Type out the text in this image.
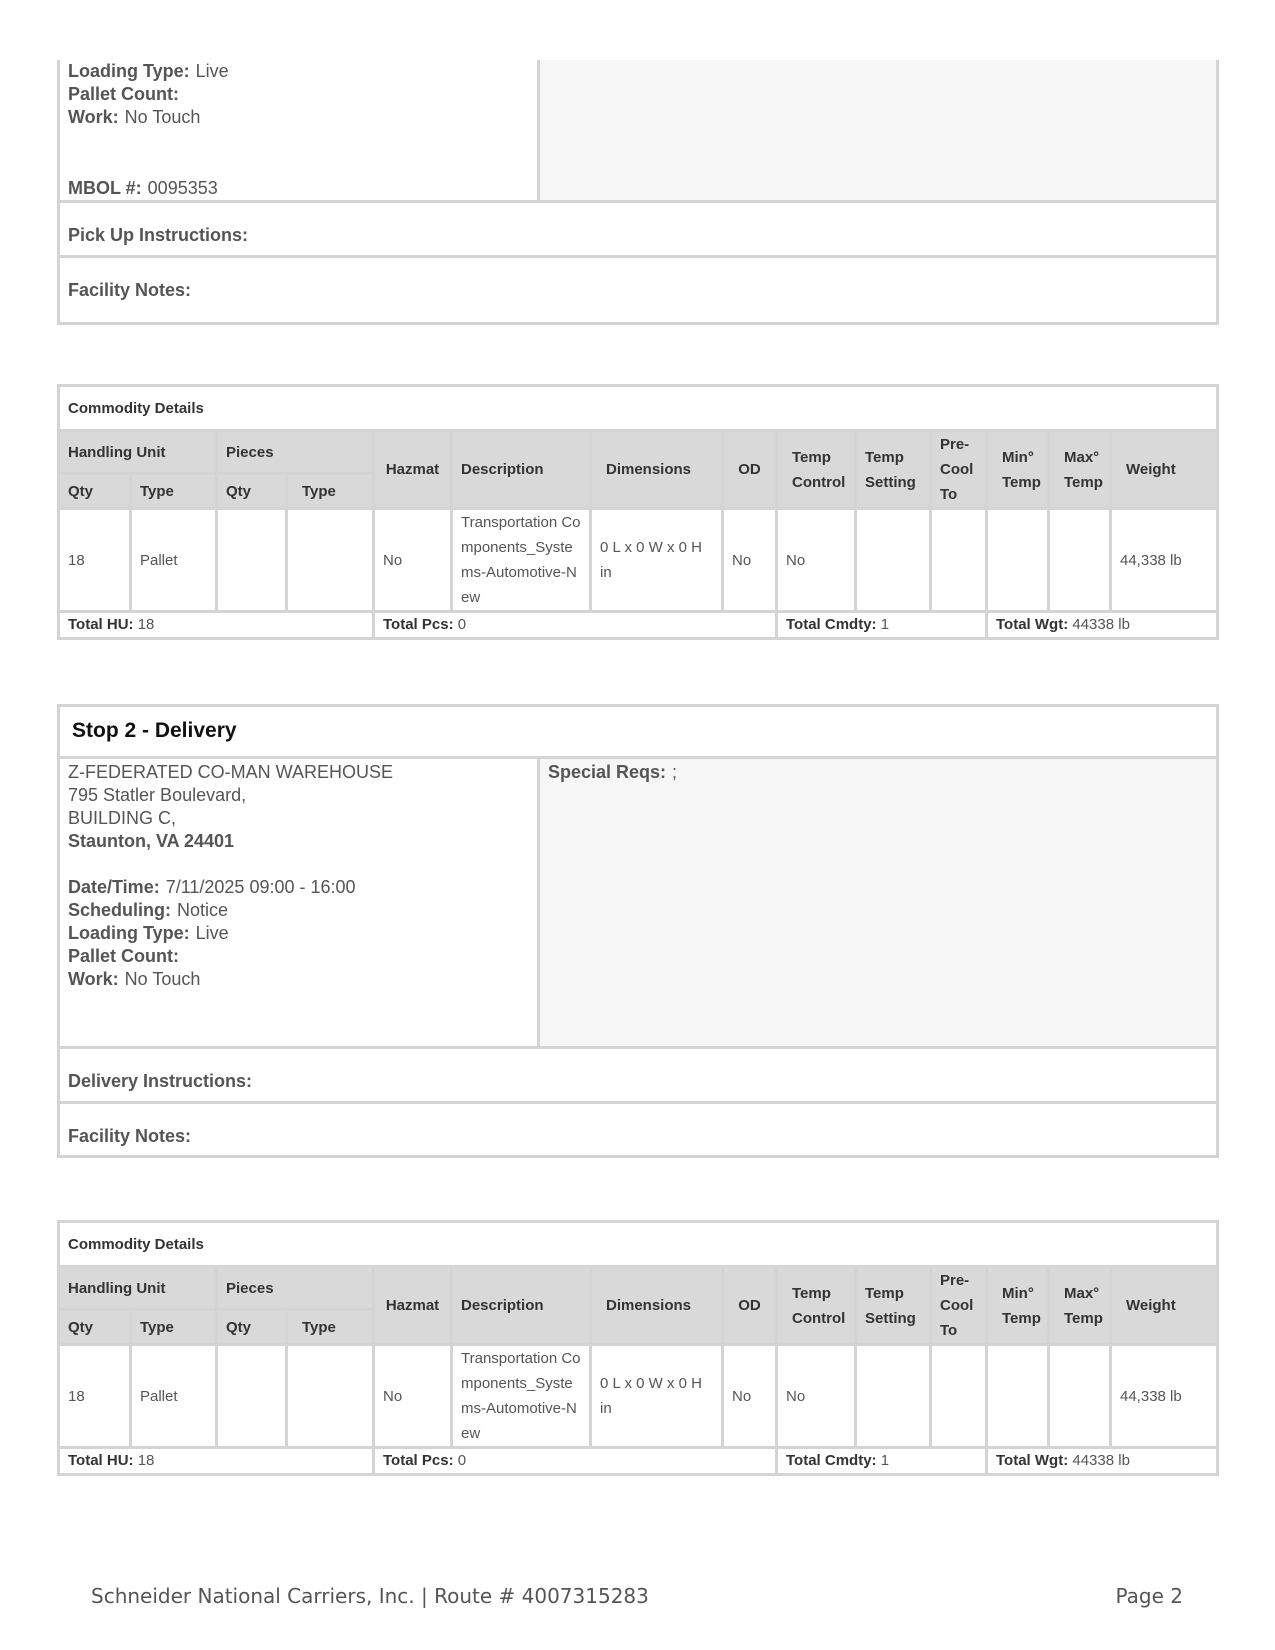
Loading Type: Live
Pallet Count:
Work: No Touch
MBOL #: 0095353
Pick Up Instructions:
Facility Notes:
Commodity Details													
Handling Unit		Pieces		Hazmat	Description	Dimensions	OD	Temp Control	Temp Setting	Pre-Cool To	Min° Temp	Max° Temp	Weight
Qty	Type	Qty	Type										
18	Pallet			No	Transportation Components_Systems-Automotive-New	0 L x 0 W x 0 H in	No	No					44,338 lb
Total HU: 18				Total Pcs: 0				Total Cmdty: 1			Total Wgt: 44338 lb		
Stop 2 - Delivery
Z-FEDERATED CO-MAN WAREHOUSE
795 Statler Boulevard,
BUILDING C,
Staunton, VA 24401
Date/Time: 7/11/2025 09:00 - 16:00
Scheduling: Notice
Loading Type: Live
Pallet Count:
Work: No Touch
Special Reqs: ;
Delivery Instructions:
Facility Notes:
Commodity Details													
Handling Unit		Pieces		Hazmat	Description	Dimensions	OD	Temp Control	Temp Setting	Pre-Cool To	Min° Temp	Max° Temp	Weight
Qty	Type	Qty	Type										
18	Pallet			No	Transportation Components_Systems-Automotive-New	0 L x 0 W x 0 H in	No	No					44,338 lb
Total HU: 18				Total Pcs: 0				Total Cmdty: 1			Total Wgt: 44338 lb		
Schneider National Carriers, Inc. | Route # 4007315283	Page 2
